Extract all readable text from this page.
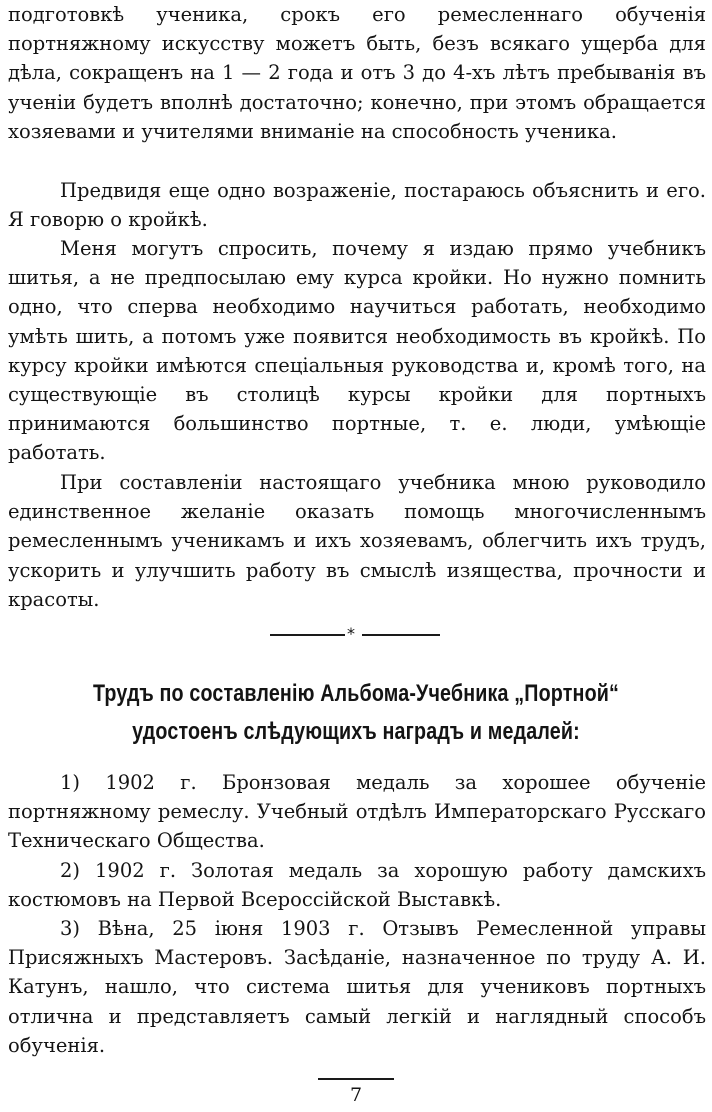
подготовкѣ ученика, срокъ его ремесленнаго обученія портняжному искусству можетъ быть, безъ всякаго ущерба для дѣла, сокращенъ на 1 — 2 года и отъ 3 до 4-хъ лѣтъ пребыванія въ ученіи будетъ вполнѣ достаточно; конечно, при этомъ обращается хозяевами и учителями вниманіе на способность ученика.

Предвидя еще одно возраженіе, постараюсь объяснить и его. Я говорю о кройкѣ.

Меня могутъ спросить, почему я издаю прямо учебникъ шитья, а не предпосылаю ему курса кройки. Но нужно помнить одно, что сперва необходимо научиться работать, необходимо умѣть шить, а потомъ уже появится необходимость въ кройкѣ. По курсу кройки имѣются спеціальныя руководства и, кромѣ того, на существующіе въ столицѣ курсы кройки для портныхъ принимаются большинство портные, т. е. люди, умѣющіе работать.

При составленіи настоящаго учебника мною руководило единственное желаніе оказать помощь многочисленнымъ ремесленнымъ ученикамъ и ихъ хозяевамъ, облегчить ихъ трудъ, ускорить и улучшить работу въ смыслѣ изящества, прочности и красоты.

*
Трудъ по составленію Альбома-Учебника „Портной“
удостоенъ слѣдующихъ наградъ и медалей:

1) 1902 г. Бронзовая медаль за хорошее обученіе портняжному ремеслу. Учебный отдѣлъ Императорскаго Русскаго Техническаго Общества.

2) 1902 г. Золотая медаль за хорошую работу дамскихъ костюмовъ на Первой Всероссійской Выставкѣ.

3) Вѣна, 25 іюня 1903 г. Отзывъ Ремесленной управы Присяжныхъ Мастеровъ. Засѣданіе, назначенное по труду А. И. Катунъ, нашло, что система шитья для учениковъ портныхъ отлична и представляетъ самый легкій и наглядный способъ обученія.

7
